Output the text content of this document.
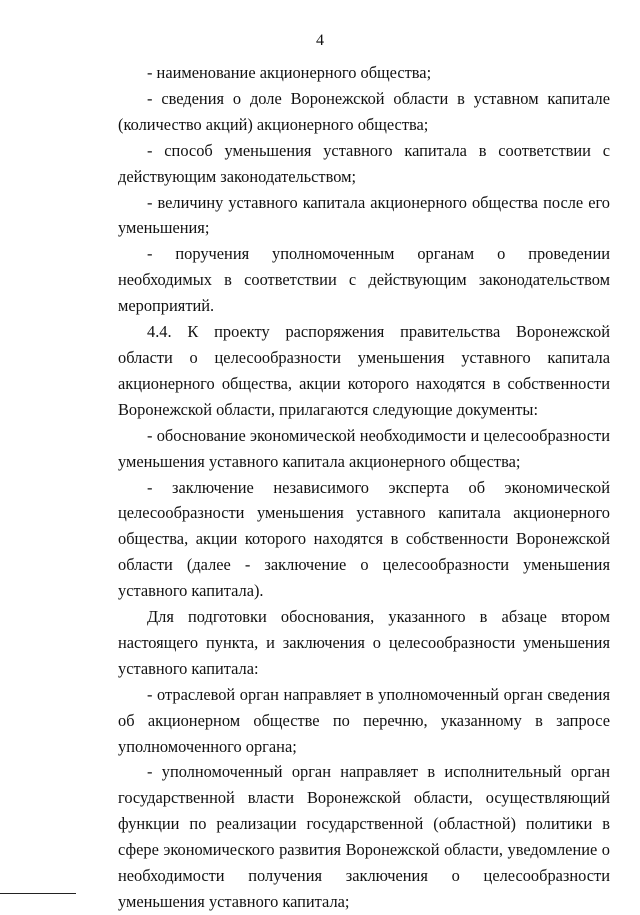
4

- наименование акционерного общества;

- сведения о доле Воронежской области в уставном капитале (количество акций) акционерного общества;

- способ уменьшения уставного капитала в соответствии с действующим законодательством;

- величину уставного капитала акционерного общества после его уменьшения;

- поручения уполномоченным органам о проведении необходимых в соответствии с действующим законодательством мероприятий.

4.4. К проекту распоряжения правительства Воронежской области о целесообразности уменьшения уставного капитала акционерного общества, акции которого находятся в собственности Воронежской области, прилагаются следующие документы:

- обоснование экономической необходимости и целесообразности уменьшения уставного капитала акционерного общества;

- заключение независимого эксперта об экономической целесообразности уменьшения уставного капитала акционерного общества, акции которого находятся в собственности Воронежской области (далее - заключение о целесообразности уменьшения уставного капитала).

Для подготовки обоснования, указанного в абзаце втором настоящего пункта, и заключения о целесообразности уменьшения уставного капитала:

- отраслевой орган направляет в уполномоченный орган сведения об акционерном обществе по перечню, указанному в запросе уполномоченного органа;

- уполномоченный орган направляет в исполнительный орган государственной власти Воронежской области, осуществляющий функции по реализации государственной (областной) политики в сфере экономического развития Воронежской области, уведомление о необходимости получения заключения о целесообразности уменьшения уставного капитала;
